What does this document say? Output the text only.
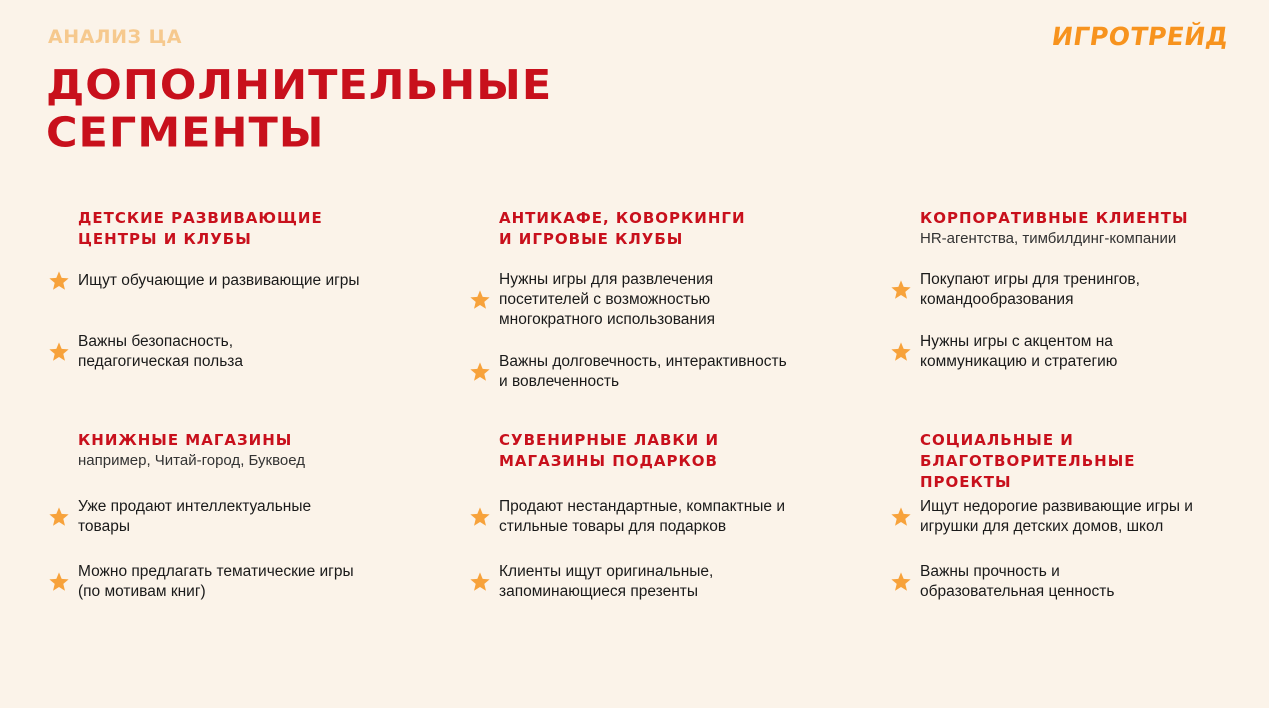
АНАЛИЗ ЦА	ИГРОТРЕЙД
ДОПОЛНИТЕЛЬНЫЕ
СЕГМЕНТЫ
ДЕТСКИЕ РАЗВИВАЮЩИЕ
ЦЕНТРЫ И КЛУБЫ
Ищут обучающие и развивающие игры
Важны безопасность, педагогическая польза
АНТИКАФЕ, КОВОРКИНГИ
И ИГРОВЫЕ КЛУБЫ
Нужны игры для развлечения посетителей с возможностью многократного использования
Важны долговечность, интерактивность и вовлеченность
КОРПОРАТИВНЫЕ КЛИЕНТЫ
HR-агентства, тимбилдинг-компании
Покупают игры для тренингов, командообразования
Нужны игры с акцентом на коммуникацию и стратегию
КНИЖНЫЕ МАГАЗИНЫ
например, Читай-город, Буквоед
Уже продают интеллектуальные товары
Можно предлагать тематические игры (по мотивам книг)
СУВЕНИРНЫЕ ЛАВКИ И
МАГАЗИНЫ ПОДАРКОВ
Продают нестандартные, компактные и стильные товары для подарков
Клиенты ищут оригинальные, запоминающиеся презенты
СОЦИАЛЬНЫЕ И
БЛАГОТВОРИТЕЛЬНЫЕ
ПРОЕКТЫ
Ищут недорогие развивающие игры и игрушки для детских домов, школ
Важны прочность и образовательная ценность
